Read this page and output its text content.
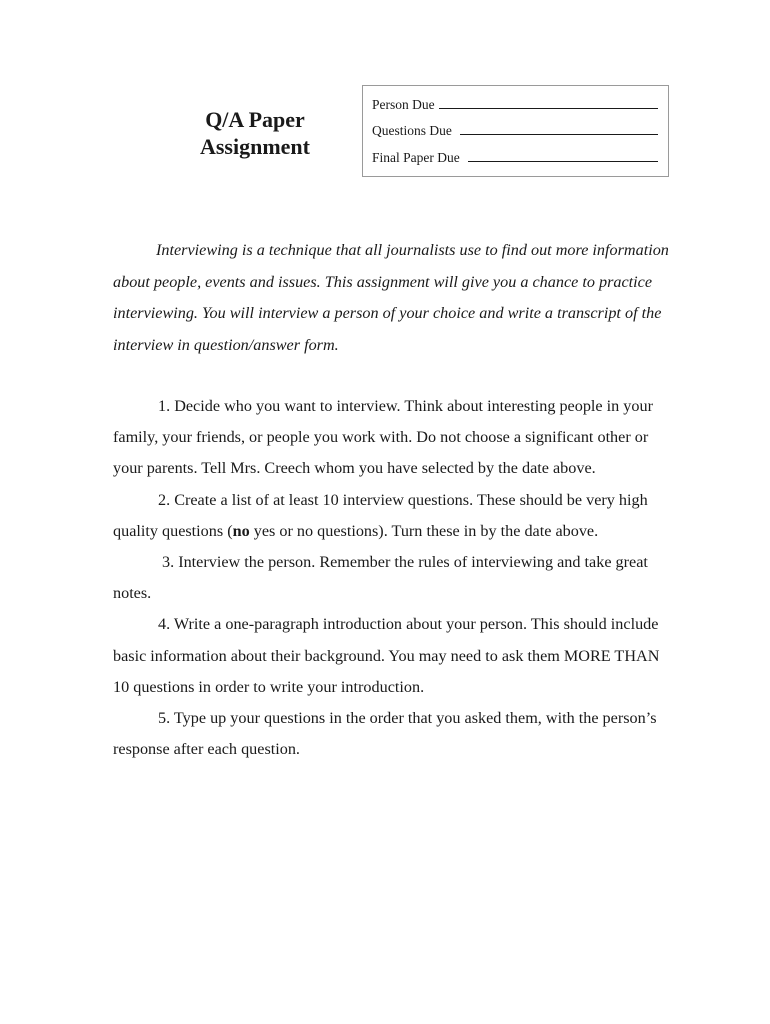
Q/A Paper
Assignment
Person Due
Questions Due
Final Paper Due

Interviewing is a technique that all journalists use to find out more information about people, events and issues. This assignment will give you a chance to practice interviewing. You will interview a person of your choice and write a transcript of the interview in question/answer form.

1. Decide who you want to interview. Think about interesting people in your family, your friends, or people you work with. Do not choose a significant other or your parents. Tell Mrs. Creech whom you have selected by the date above.

2. Create a list of at least 10 interview questions. These should be very high quality questions (no yes or no questions). Turn these in by the date above.

3. Interview the person. Remember the rules of interviewing and take great notes.

4. Write a one-paragraph introduction about your person. This should include basic information about their background. You may need to ask them MORE THAN 10 questions in order to write your introduction.

5. Type up your questions in the order that you asked them, with the person’s response after each question.
